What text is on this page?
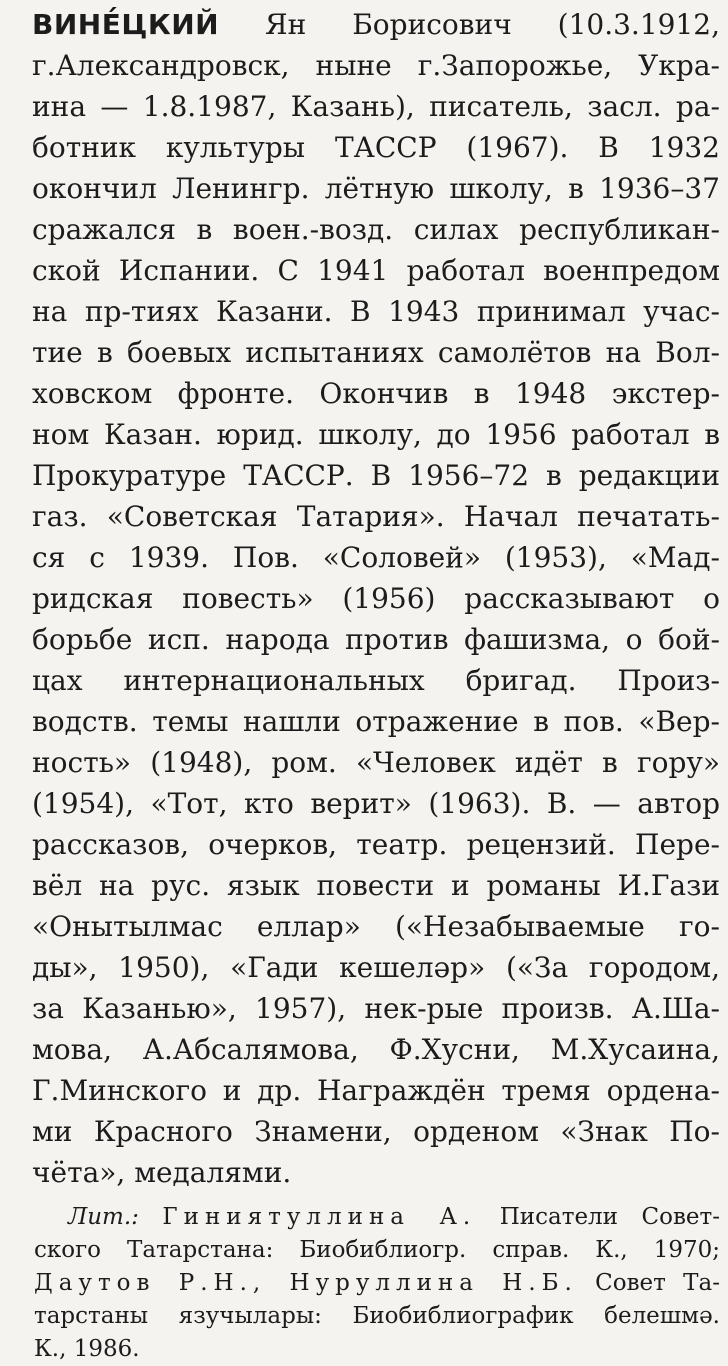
ВИНЕ́ЦКИЙ Ян Борисович (10.3.1912,
г.Александровск, ныне г.Запорожье, Укра-
ина — 1.8.1987, Казань), писатель, засл. ра-
ботник культуры ТАССР (1967). В 1932
окончил Ленингр. лётную школу, в 1936–37
сражался в воен.-возд. силах республикан-
ской Испании. С 1941 работал военпредом
на пр-тиях Казани. В 1943 принимал учас-
тие в боевых испытаниях самолётов на Вол-
ховском фронте. Окончив в 1948 экстер-
ном Казан. юрид. школу, до 1956 работал в
Прокуратуре ТАССР. В 1956–72 в редакции
газ. «Советская Татария». Начал печатать-
ся с 1939. Пов. «Соловей» (1953), «Мад-
ридская повесть» (1956) рассказывают о
борьбе исп. народа против фашизма, о бой-
цах интернациональных бригад. Произ-
водств. темы нашли отражение в пов. «Вер-
ность» (1948), ром. «Человек идёт в гору»
(1954), «Тот, кто верит» (1963). В. — автор
рассказов, очерков, театр. рецензий. Пере-
вёл на рус. язык повести и романы И.Гази
«Онытылмас еллар» («Незабываемые го-
ды», 1950), «Гади кешеләр» («За городом,
за Казанью», 1957), нек-рые произв. А.Ша-
мова, А.Абсалямова, Ф.Хусни, М.Хусаина,
Г.Минского и др. Награждён тремя ордена-
ми Красного Знамени, орденом «Знак По-
чёта», медалями.
Лит.: Гиниятуллина А. Писатели Совет-
ского Татарстана: Биобиблиогр. справ. К., 1970;
Даутов Р.Н., Нуруллина Н.Б. Совет Та-
тарстаны язучылары: Биобиблиографик белешмә.
К., 1986.
